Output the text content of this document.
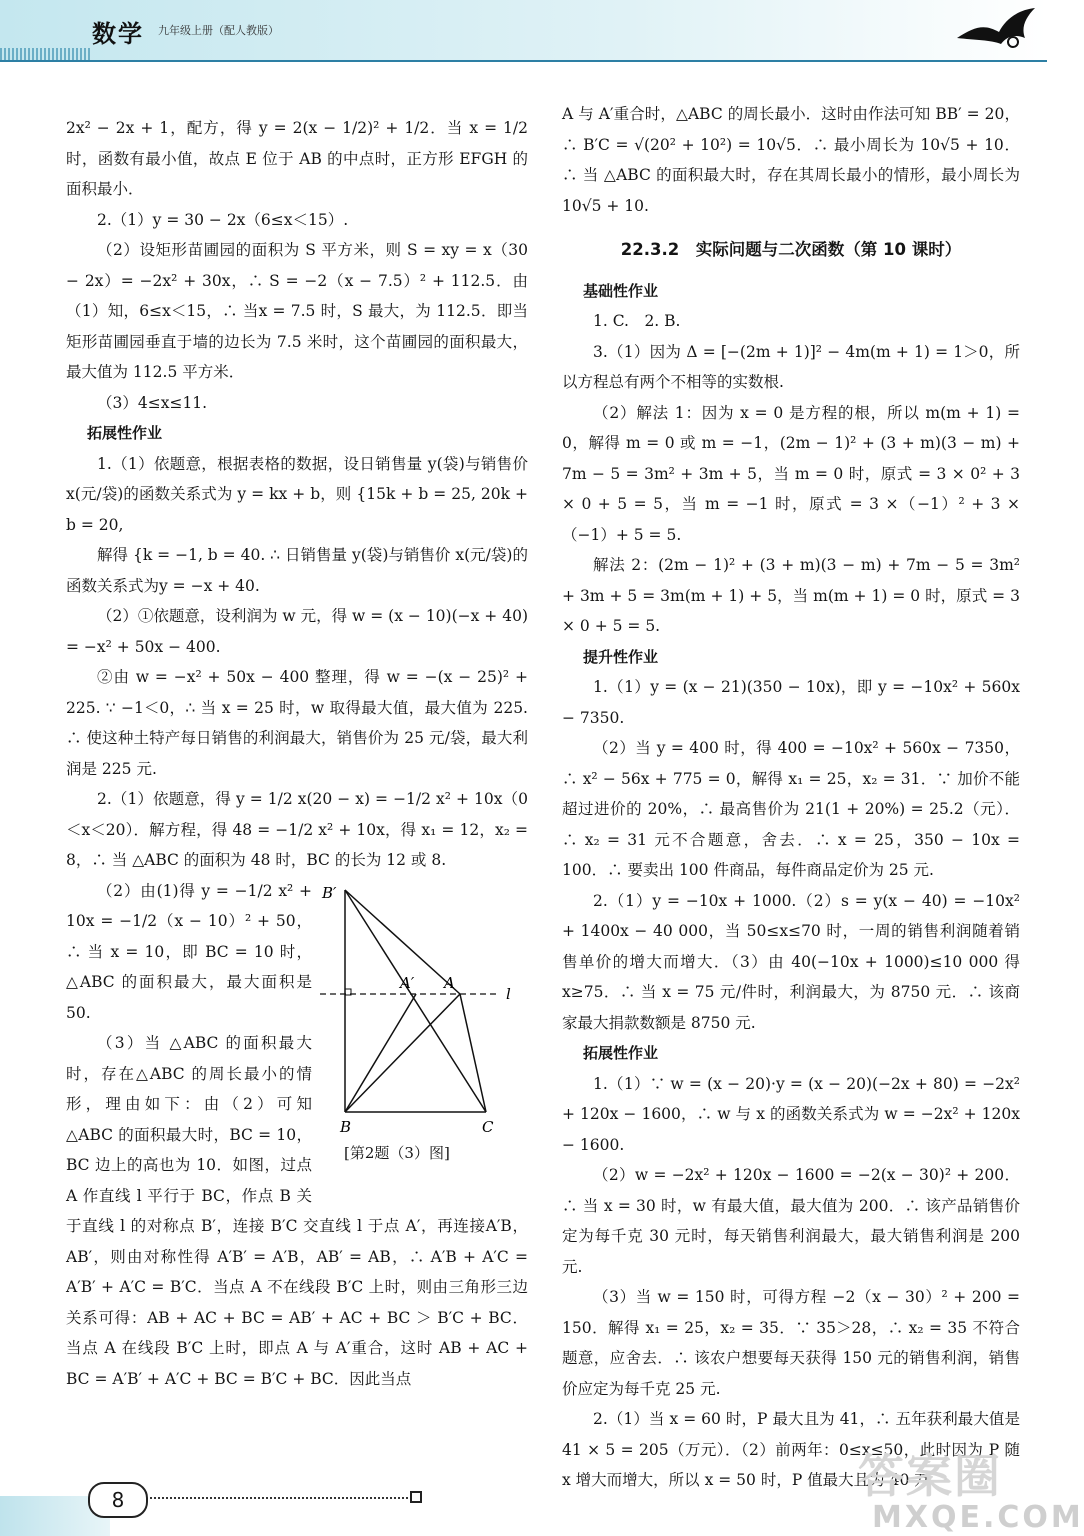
数学 九年级上册（配人教版）

2x² − 2x + 1，配方，得 y = 2(x − 1/2)² + 1/2．当 x = 1/2 时，函数有最小值，故点 E 位于 AB 的中点时，正方形 EFGH 的面积最小．

2.（1）y = 30 − 2x（6≤x＜15）.

（2）设矩形苗圃园的面积为 S 平方米，则 S = xy = x（30 − 2x）= −2x² + 30x，∴ S = −2（x − 7.5）² + 112.5．由（1）知，6≤x＜15，∴ 当x = 7.5 时，S 最大，为 112.5．即当矩形苗圃园垂直于墙的边长为 7.5 米时，这个苗圃园的面积最大，最大值为 112.5 平方米．

（3）4≤x≤11.

拓展性作业

1.（1）依题意，根据表格的数据，设日销售量 y(袋)与销售价 x(元/袋)的函数关系式为 y = kx + b，则 {15k + b = 25, 20k + b = 20,

解得 {k = −1, b = 40. ∴ 日销售量 y(袋)与销售价 x(元/袋)的函数关系式为y = −x + 40.

（2）①依题意，设利润为 w 元，得 w = (x − 10)(−x + 40) = −x² + 50x − 400.

②由 w = −x² + 50x − 400 整理，得 w = −(x − 25)² + 225. ∵ −1＜0，∴ 当 x = 25 时，w 取得最大值，最大值为 225. ∴ 使这种土特产每日销售的利润最大，销售价为 25 元/袋，最大利润是 225 元.

2.（1）依题意，得 y = 1/2 x(20 − x) = −1/2 x² + 10x（0＜x＜20）．解方程，得 48 = −1/2 x² + 10x，得 x₁ = 12，x₂ = 8，∴ 当 △ABC 的面积为 48 时，BC 的长为 12 或 8.

B′
A′ A
l
B	C
[第2题（3）图]

（2）由(1)得 y = −1/2 x² + 10x = −1/2（x − 10）² + 50，∴ 当 x = 10，即 BC = 10 时，△ABC 的面积最大，最大面积是 50.

（3）当 △ABC 的面积最大时，存在△ABC 的周长最小的情形，理由如下：由（2）可知 △ABC 的面积最大时，BC = 10，BC 边上的高也为 10．如图，过点 A 作直线 l 平行于 BC，作点 B 关于直线 l 的对称点 B′，连接 B′C 交直线 l 于点 A′，再连接A′B，AB′，则由对称性得 A′B′ = A′B，AB′ = AB，∴ A′B + A′C = A′B′ + A′C = B′C．当点 A 不在线段 B′C 上时，则由三角形三边关系可得：AB + AC + BC = AB′ + AC + BC ＞ B′C + BC．当点 A 在线段 B′C 上时，即点 A 与 A′重合，这时 AB + AC + BC = A′B′ + A′C + BC = B′C + BC．因此当点

A 与 A′重合时，△ABC 的周长最小．这时由作法可知 BB′ = 20，∴ B′C = √(20² + 10²) = 10√5．∴ 最小周长为 10√5 + 10．∴ 当 △ABC 的面积最大时，存在其周长最小的情形，最小周长为 10√5 + 10.

22.3.2　实际问题与二次函数（第 10 课时）

基础性作业

1. C.　2. B.

3.（1）因为 Δ = [−(2m + 1)]² − 4m(m + 1) = 1＞0，所以方程总有两个不相等的实数根.

（2）解法 1：因为 x = 0 是方程的根，所以 m(m + 1) = 0，解得 m = 0 或 m = −1，(2m − 1)² + (3 + m)(3 − m) + 7m − 5 = 3m² + 3m + 5，当 m = 0 时，原式 = 3 × 0² + 3 × 0 + 5 = 5，当 m = −1 时，原式 = 3 ×（−1）² + 3 ×（−1）+ 5 = 5.

解法 2：(2m − 1)² + (3 + m)(3 − m) + 7m − 5 = 3m² + 3m + 5 = 3m(m + 1) + 5，当 m(m + 1) = 0 时，原式 = 3 × 0 + 5 = 5.

提升性作业

1.（1）y = (x − 21)(350 − 10x)，即 y = −10x² + 560x − 7350.

（2）当 y = 400 时，得 400 = −10x² + 560x − 7350，∴ x² − 56x + 775 = 0，解得 x₁ = 25，x₂ = 31．∵ 加价不能超过进价的 20%，∴ 最高售价为 21(1 + 20%) = 25.2（元）．∴ x₂ = 31 元不合题意，舍去．∴ x = 25，350 − 10x = 100．∴ 要卖出 100 件商品，每件商品定价为 25 元.

2.（1）y = −10x + 1000.（2）s = y(x − 40) = −10x² + 1400x − 40 000，当 50≤x≤70 时，一周的销售利润随着销售单价的增大而增大．（3）由 40(−10x + 1000)≤10 000 得 x≥75．∴ 当 x = 75 元/件时，利润最大，为 8750 元．∴ 该商家最大捐款数额是 8750 元.

拓展性作业

1.（1）∵ w = (x − 20)·y = (x − 20)(−2x + 80) = −2x² + 120x − 1600，∴ w 与 x 的函数关系式为 w = −2x² + 120x − 1600.

（2）w = −2x² + 120x − 1600 = −2(x − 30)² + 200．∴ 当 x = 30 时，w 有最大值，最大值为 200．∴ 该产品销售价定为每千克 30 元时，每天销售利润最大，最大销售利润是 200 元.

（3）当 w = 150 时，可得方程 −2（x − 30）² + 200 = 150．解得 x₁ = 25，x₂ = 35．∵ 35＞28，∴ x₂ = 35 不符合题意，应舍去．∴ 该农户想要每天获得 150 元的销售利润，销售价应定为每千克 25 元.

2.（1）当 x = 60 时，P 最大且为 41，∴ 五年获利最大值是 41 × 5 = 205（万元）．（2）前两年：0≤x≤50，此时因为 P 随 x 增大而增大，所以 x = 50 时，P 值最大且为 40 万

8	答案圈
MXQE.COM
